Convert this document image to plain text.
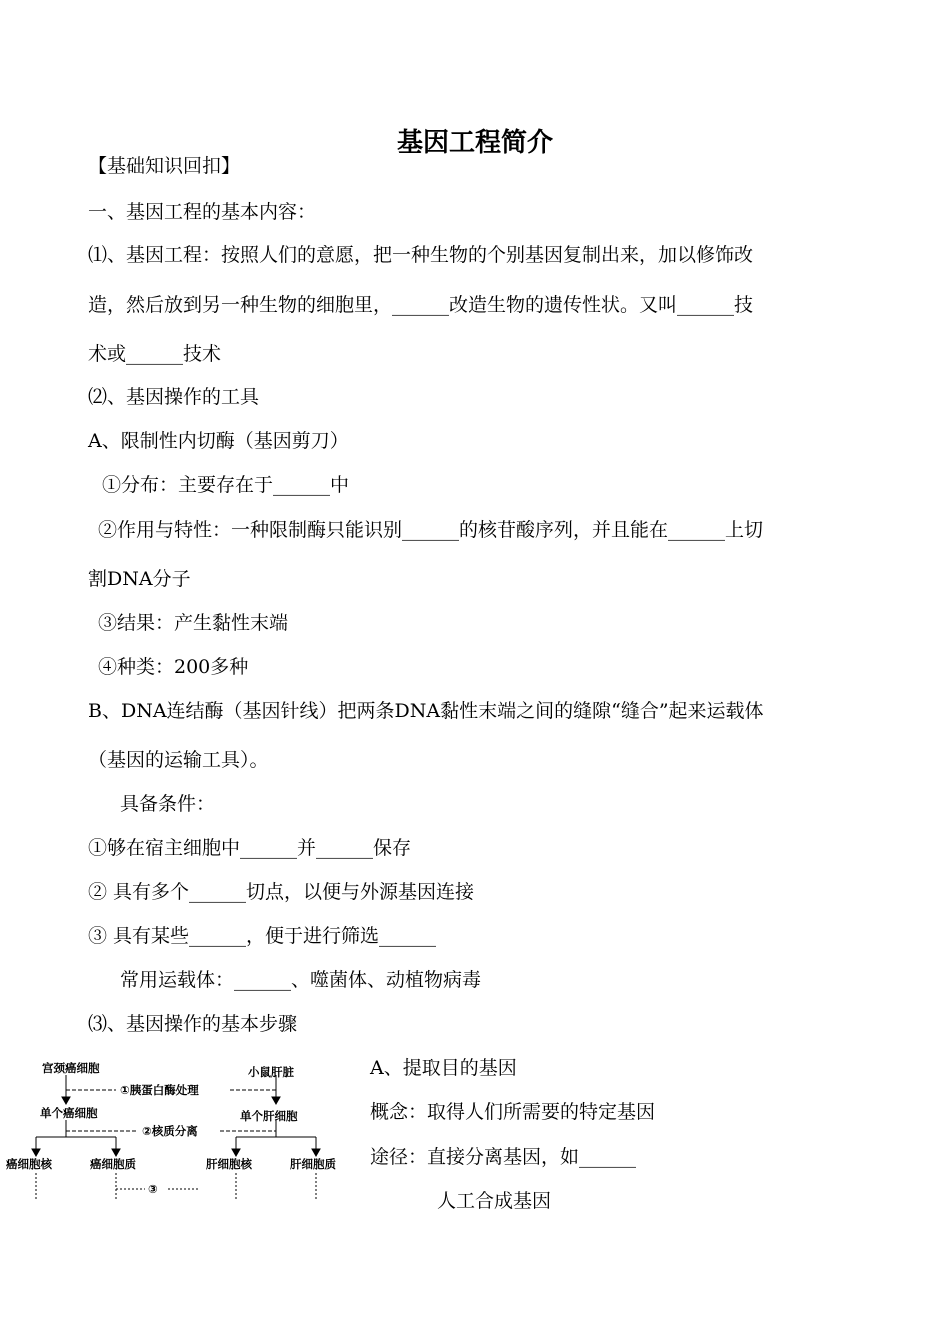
基因工程简介
【基础知识回扣】
一、基因工程的基本内容：
⑴、基因工程：按照人们的意愿，把一种生物的个别基因复制出来，加以修饰改
造，然后放到另一种生物的细胞里，______改造生物的遗传性状。又叫______技
术或______技术
⑵、基因操作的工具
A、限制性内切酶（基因剪刀）
①分布：主要存在于______中
②作用与特性：一种限制酶只能识别______的核苷酸序列，并且能在______上切
割DNA分子
③结果：产生黏性末端
④种类：200多种
B、DNA连结酶（基因针线）把两条DNA黏性末端之间的缝隙“缝合”起来运载体
（基因的运输工具）。
具备条件：
①够在宿主细胞中______并______保存
② 具有多个______切点，以便与外源基因连接
③ 具有某些______，便于进行筛选______
常用运载体：______、噬菌体、动植物病毒
⑶、基因操作的基本步骤
宫颈癌细胞	小鼠肝脏
①胰蛋白酶处理
单个癌细胞	单个肝细胞
②核质分离
癌细胞核	癌细胞质	肝细胞核	肝细胞质
③
A、提取目的基因
概念：取得人们所需要的特定基因
途径：直接分离基因，如______
人工合成基因
